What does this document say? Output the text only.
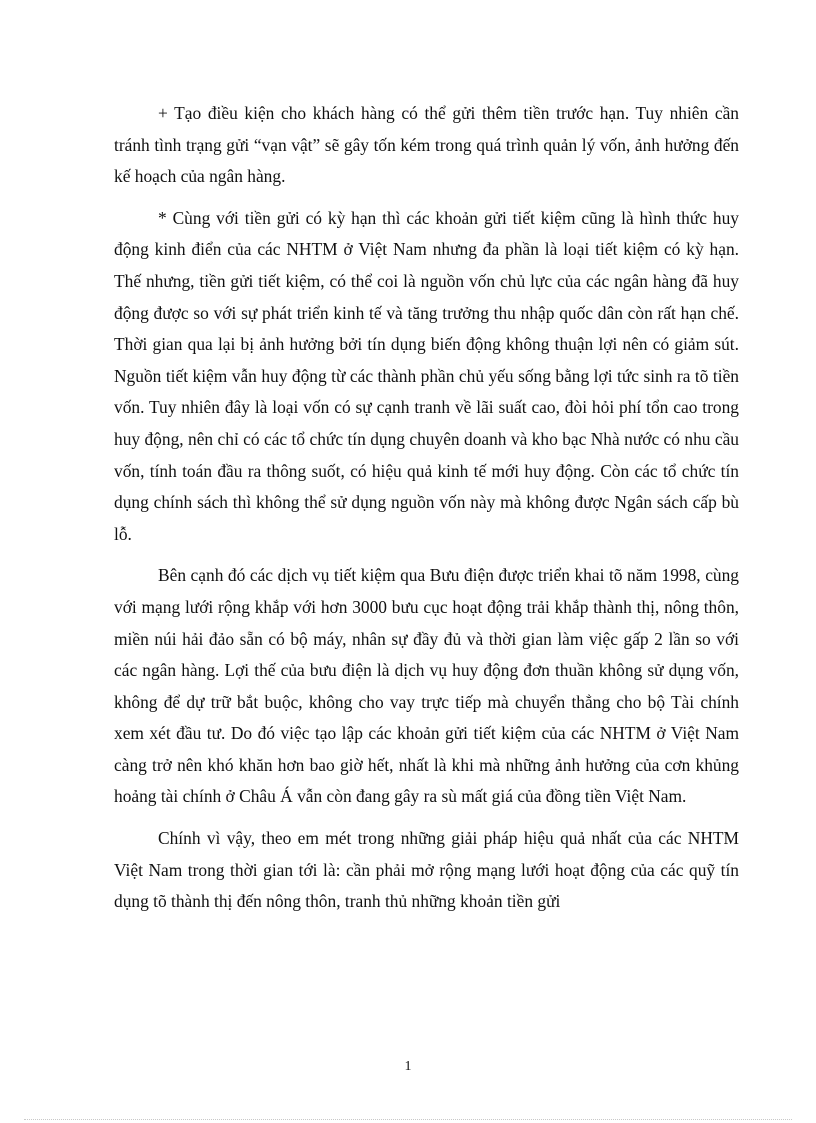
+ Tạo điều kiện cho khách hàng có thể gửi thêm tiền trước hạn. Tuy nhiên cần tránh tình trạng gửi “vạn vật” sẽ gây tốn kém trong quá trình quản lý vốn, ảnh hưởng đến kế hoạch của ngân hàng.

* Cùng với tiền gửi có kỳ hạn thì các khoản gửi tiết kiệm cũng là hình thức huy động kinh điển của các NHTM ở Việt Nam nhưng đa phần là loại tiết kiệm có kỳ hạn. Thế nhưng, tiền gửi tiết kiệm, có thể coi là nguồn vốn chủ lực của các ngân hàng đã huy động được so với sự phát triển kinh tế và tăng trưởng thu nhập quốc dân còn rất hạn chế. Thời gian qua lại bị ảnh hưởng bởi tín dụng biến động không thuận lợi nên có giảm sút. Nguồn tiết kiệm vẫn huy động từ các thành phần chủ yếu sống bằng lợi tức sinh ra tõ tiền vốn. Tuy nhiên đây là loại vốn có sự cạnh tranh về lãi suất cao, đòi hỏi phí tổn cao trong huy động, nên chỉ có các tổ chức tín dụng chuyên doanh và kho bạc Nhà nước có nhu cầu vốn, tính toán đầu ra thông suốt, có hiệu quả kinh tế mới huy động. Còn các tổ chức tín dụng chính sách thì không thể sử dụng nguồn vốn này mà không được Ngân sách cấp bù lỗ.

Bên cạnh đó các dịch vụ tiết kiệm qua Bưu điện được triển khai tõ năm 1998, cùng với mạng lưới rộng khắp với hơn 3000 bưu cục hoạt động trải khắp thành thị, nông thôn, miền núi hải đảo sẵn có bộ máy, nhân sự đầy đủ và thời gian làm việc gấp 2 lần so với các ngân hàng. Lợi thế của bưu điện là dịch vụ huy động đơn thuần không sử dụng vốn, không để dự trữ bắt buộc, không cho vay trực tiếp mà chuyển thẳng cho bộ Tài chính xem xét đầu tư. Do đó việc tạo lập các khoản gửi tiết kiệm của các NHTM ở Việt Nam càng trở nên khó khăn hơn bao giờ hết, nhất là khi mà những ảnh hưởng của cơn khủng hoảng tài chính ở Châu Á vẫn còn đang gây ra sù mất giá của đồng tiền Việt Nam.

Chính vì vậy, theo em mét trong những giải pháp hiệu quả nhất của các NHTM Việt Nam trong thời gian tới là: cần phải mở rộng mạng lưới hoạt động của các quỹ tín dụng tõ thành thị đến nông thôn, tranh thủ những khoản tiền gửi

1
